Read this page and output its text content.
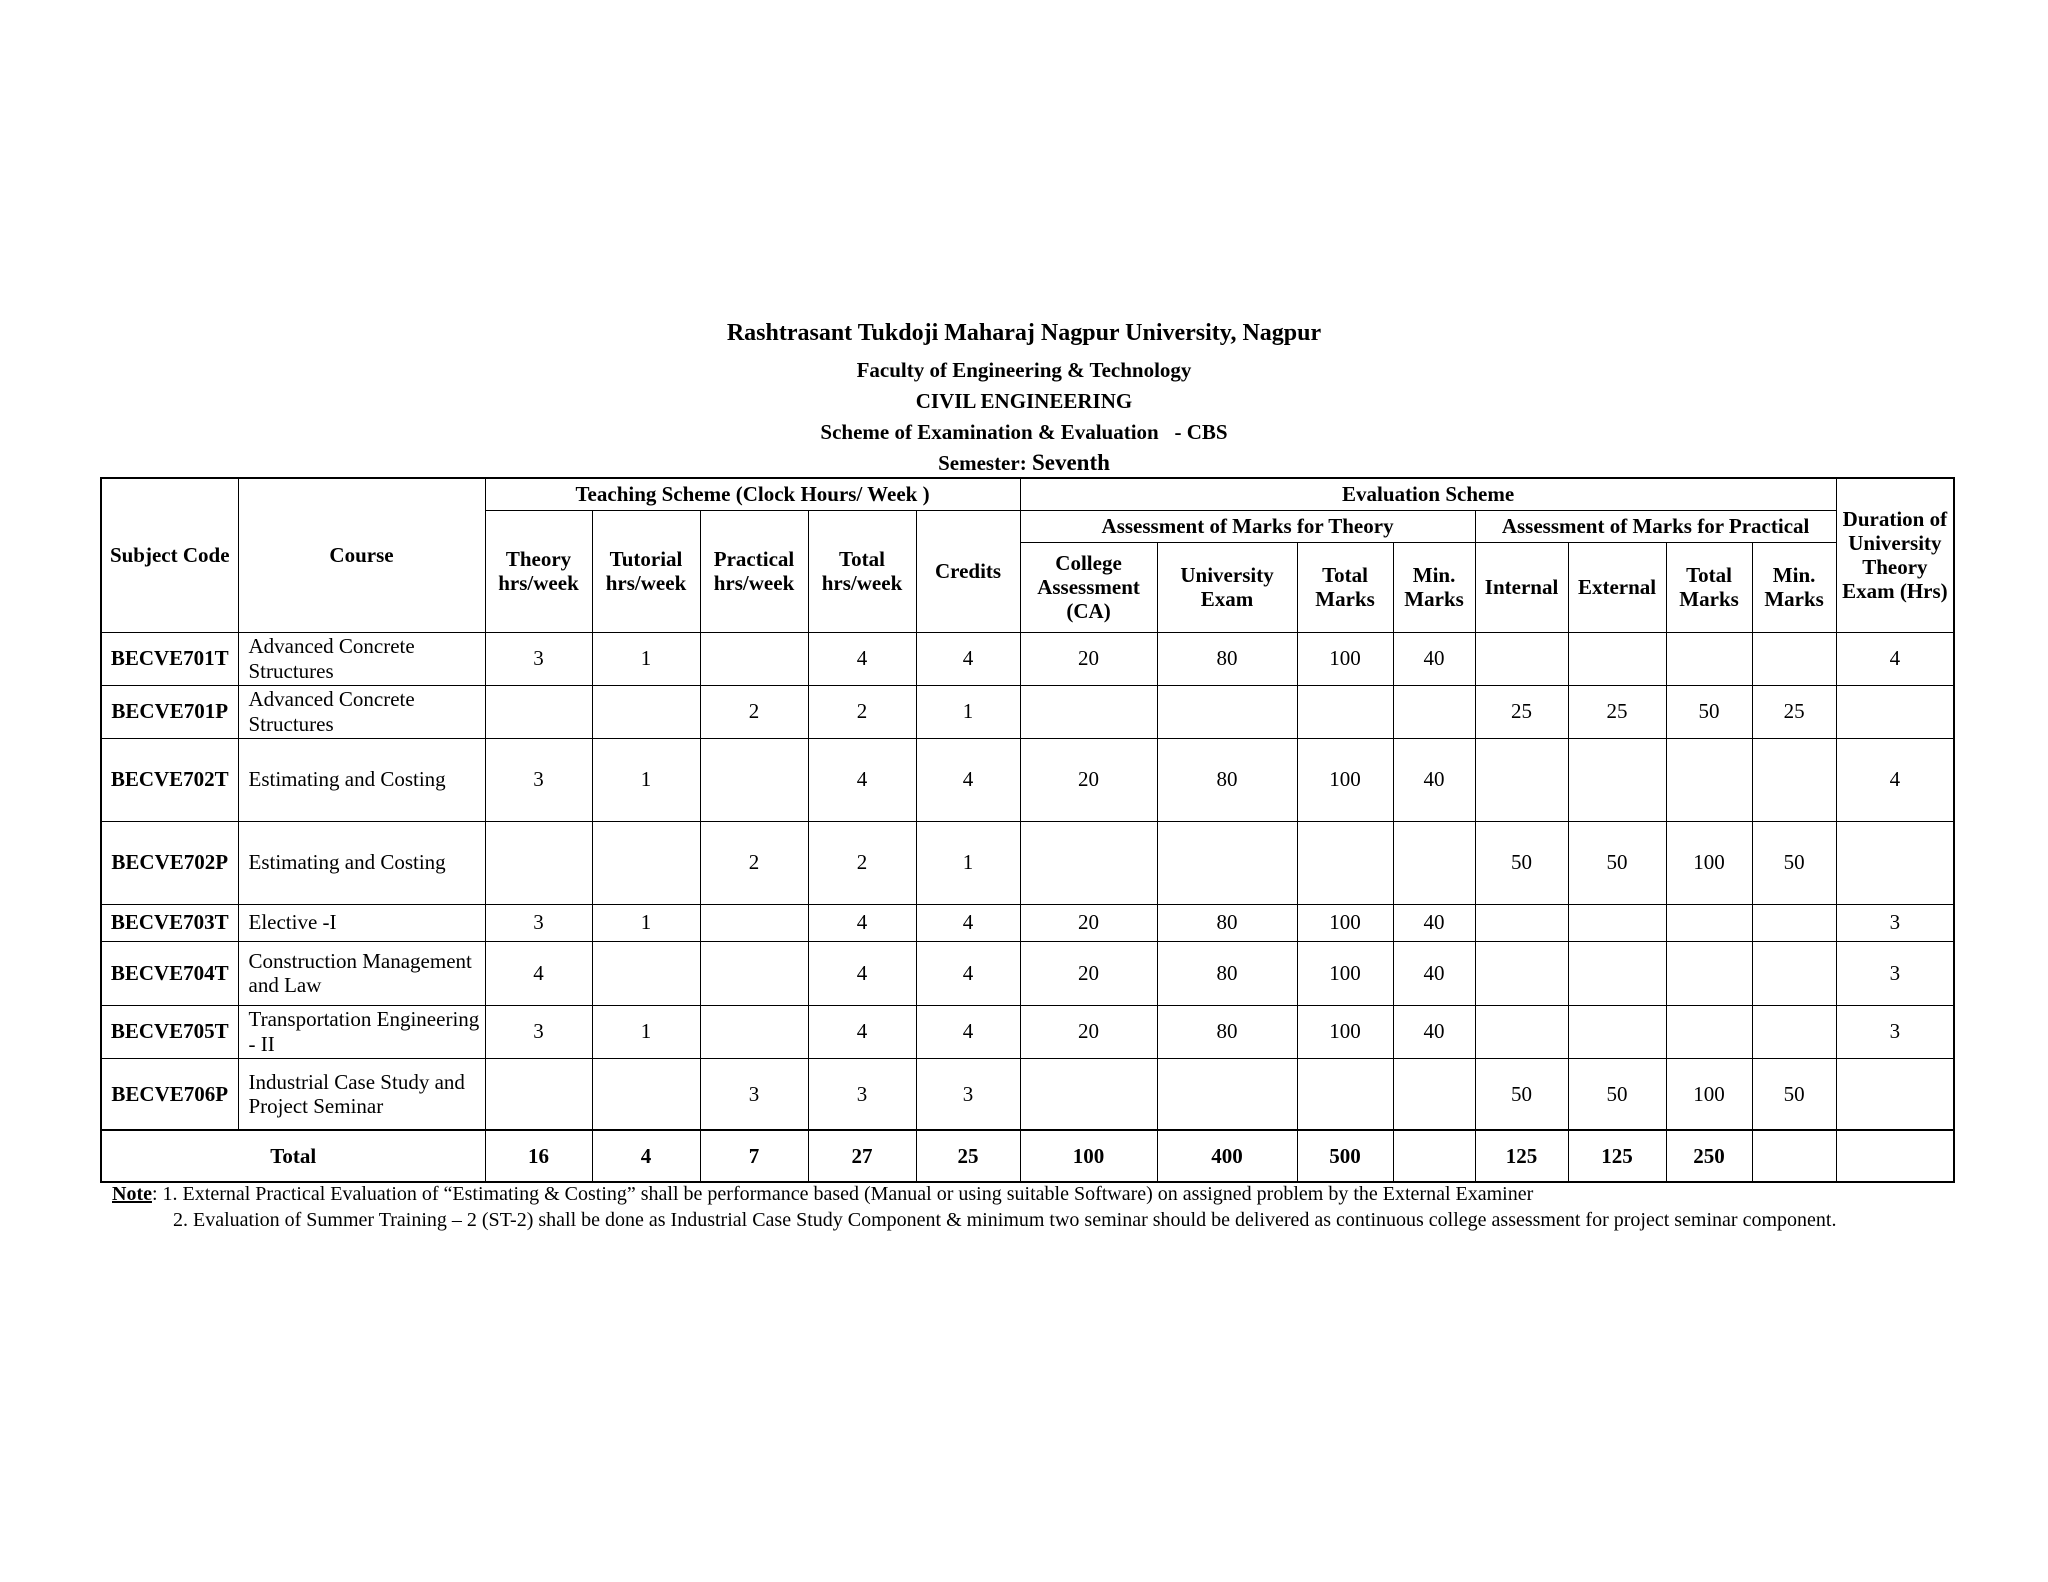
Rashtrasant Tukdoji Maharaj Nagpur University, Nagpur
Faculty of Engineering & Technology
CIVIL ENGINEERING
Scheme of Examination & Evaluation   - CBS
Semester: Seventh
Subject Code	Course	Teaching Scheme (Clock Hours/ Week )					Evaluation Scheme								Duration of University Theory Exam (Hrs)
		Theory hrs/week	Tutorial hrs/week	Practical hrs/week	Total hrs/week	Credits	Assessment of Marks for Theory				Assessment of Marks for Practical				
							College Assessment (CA)	University Exam	Total Marks	Min. Marks	Internal	External	Total Marks	Min. Marks	
BECVE701T	Advanced Concrete Structures	3	1		4	4	20	80	100	40					4
BECVE701P	Advanced Concrete Structures			2	2	1					25	25	50	25	
BECVE702T	Estimating and Costing	3	1		4	4	20	80	100	40					4
BECVE702P	Estimating and Costing			2	2	1					50	50	100	50	
BECVE703T	Elective -I	3	1		4	4	20	80	100	40					3
BECVE704T	Construction Management and Law	4			4	4	20	80	100	40					3
BECVE705T	Transportation Engineering - II	3	1		4	4	20	80	100	40					3
BECVE706P	Industrial Case Study and Project Seminar			3	3	3					50	50	100	50	
Total		16	4	7	27	25	100	400	500		125	125	250		
Note: 1. External Practical Evaluation of “Estimating & Costing” shall be performance based (Manual or using suitable Software) on assigned problem by the External Examiner
2. Evaluation of Summer Training – 2 (ST-2) shall be done as Industrial Case Study Component & minimum two seminar should be delivered as continuous college assessment for project seminar component.
